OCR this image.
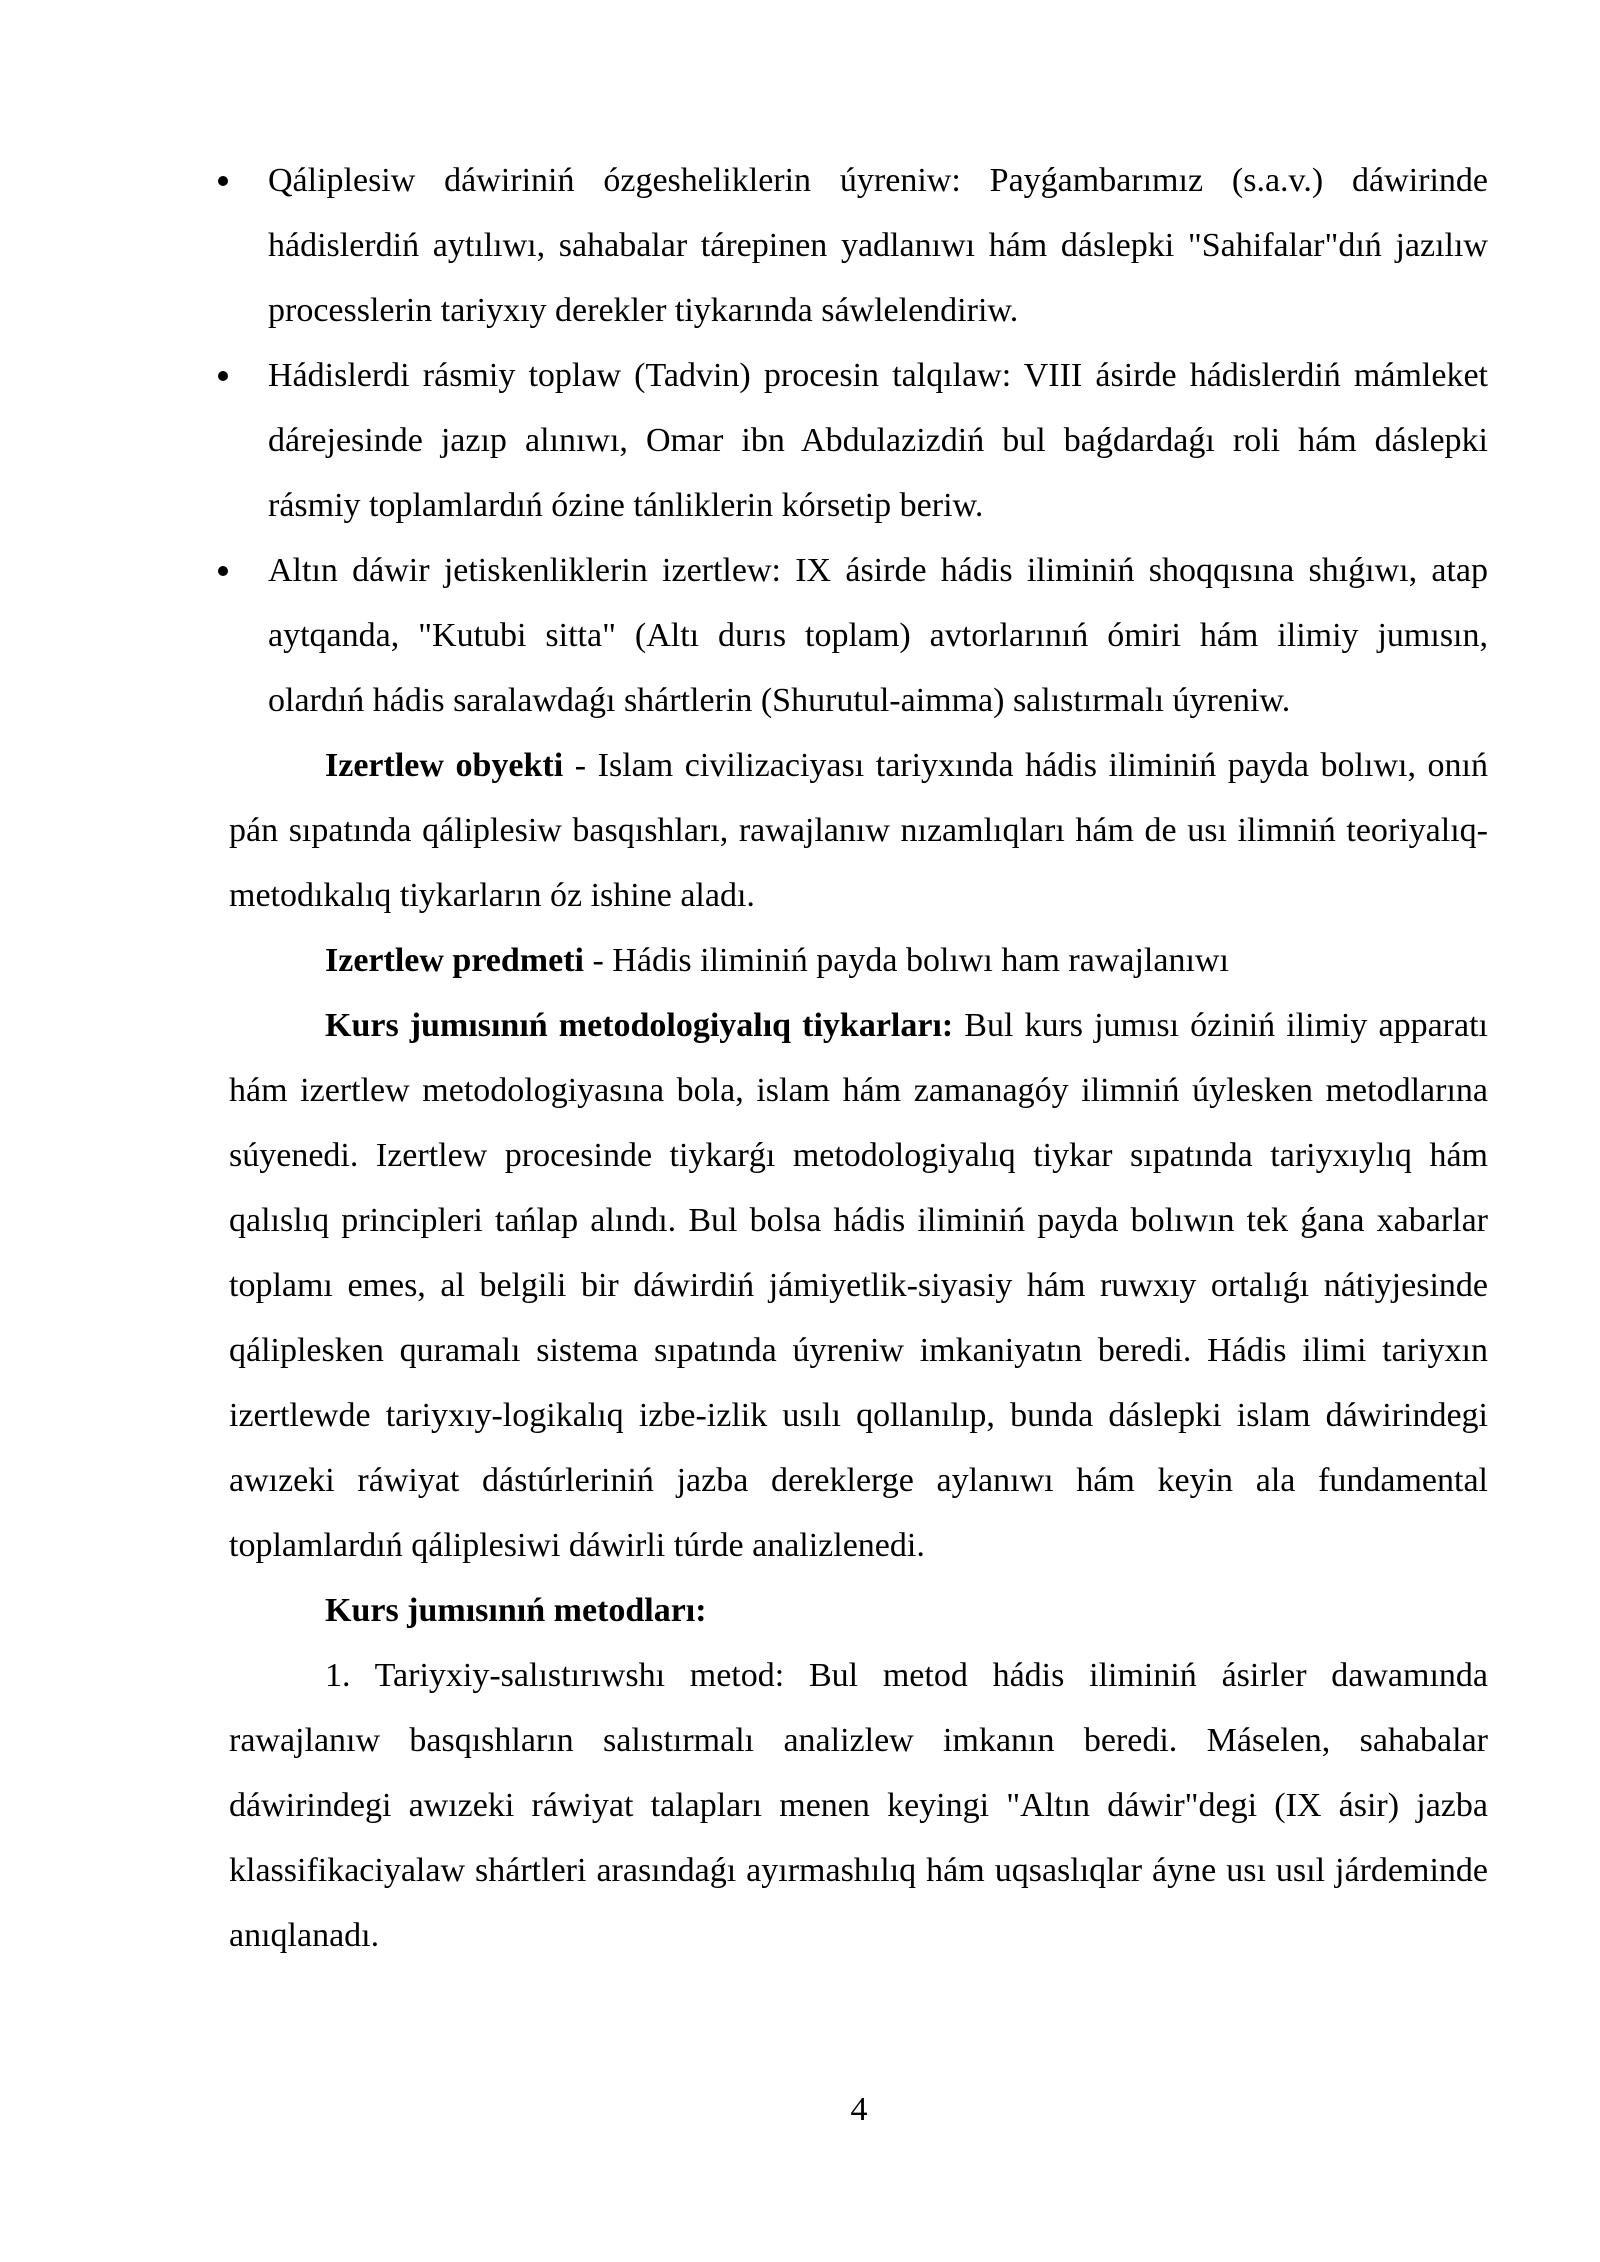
Qáliplesiw dáwiriniń ózgesheliklerin úyreniw: Payǵambarımız (s.a.v.) dáwirinde hádislerdiń aytılıwı, sahabalar tárepinen yadlanıwı hám dáslepki "Sahifalar"dıń jazılıw processlerin tariyxıy derekler tiykarında sáwlelendiriw.
Hádislerdi rásmiy toplaw (Tadvin) procesin talqılaw: VIII ásirde hádislerdiń mámleket dárejesinde jazıp alınıwı, Omar ibn Abdulazizdiń bul baǵdardaǵı roli hám dáslepki rásmiy toplamlardıń ózine tánliklerin kórsetip beriw.
Altın dáwir jetiskenliklerin izertlew: IX ásirde hádis iliminiń shoqqısına shıǵıwı, atap aytqanda, "Kutubi sitta" (Altı durıs toplam) avtorlarınıń ómiri hám ilimiy jumısın, olardıń hádis saralawdaǵı shártlerin (Shurutul-aimma) salıstırmalı úyreniw.

Izertlew obyekti - Islam civilizaciyası tariyxında hádis iliminiń payda bolıwı, onıń pán sıpatında qáliplesiw basqıshları, rawajlanıw nızamlıqları hám de usı ilimniń teoriyalıq-metodıkalıq tiykarların óz ishine aladı.

Izertlew predmeti - Hádis iliminiń payda bolıwı ham rawajlanıwı

Kurs jumısınıń metodologiyalıq tiykarları: Bul kurs jumısı óziniń ilimiy apparatı hám izertlew metodologiyasına bola, islam hám zamanagóy ilimniń úylesken metodlarına súyenedi. Izertlew procesinde tiykarǵı metodologiyalıq tiykar sıpatında tariyxıylıq hám qalıslıq principleri tańlap alındı. Bul bolsa hádis iliminiń payda bolıwın tek ǵana xabarlar toplamı emes, al belgili bir dáwirdiń jámiyetlik-siyasiy hám ruwxıy ortalıǵı nátiyjesinde qáliplesken quramalı sistema sıpatında úyreniw imkaniyatın beredi. Hádis ilimi tariyxın izertlewde tariyxıy-logikalıq izbe-izlik usılı qollanılıp, bunda dáslepki islam dáwirindegi awızeki ráwiyat dástúrleriniń jazba dereklerge aylanıwı hám keyin ala fundamental toplamlardıń qáliplesiwi dáwirli túrde analizlenedi.

Kurs jumısınıń metodları:

1. Tariyxiy-salıstırıwshı metod: Bul metod hádis iliminiń ásirler dawamında rawajlanıw basqıshların salıstırmalı analizlew imkanın beredi. Máselen, sahabalar dáwirindegi awızeki ráwiyat talapları menen keyingi "Altın dáwir"degi (IX ásir) jazba klassifikaciyalaw shártleri arasındaǵı ayırmashılıq hám uqsaslıqlar áyne usı usıl járdeminde anıqlanadı.

4
